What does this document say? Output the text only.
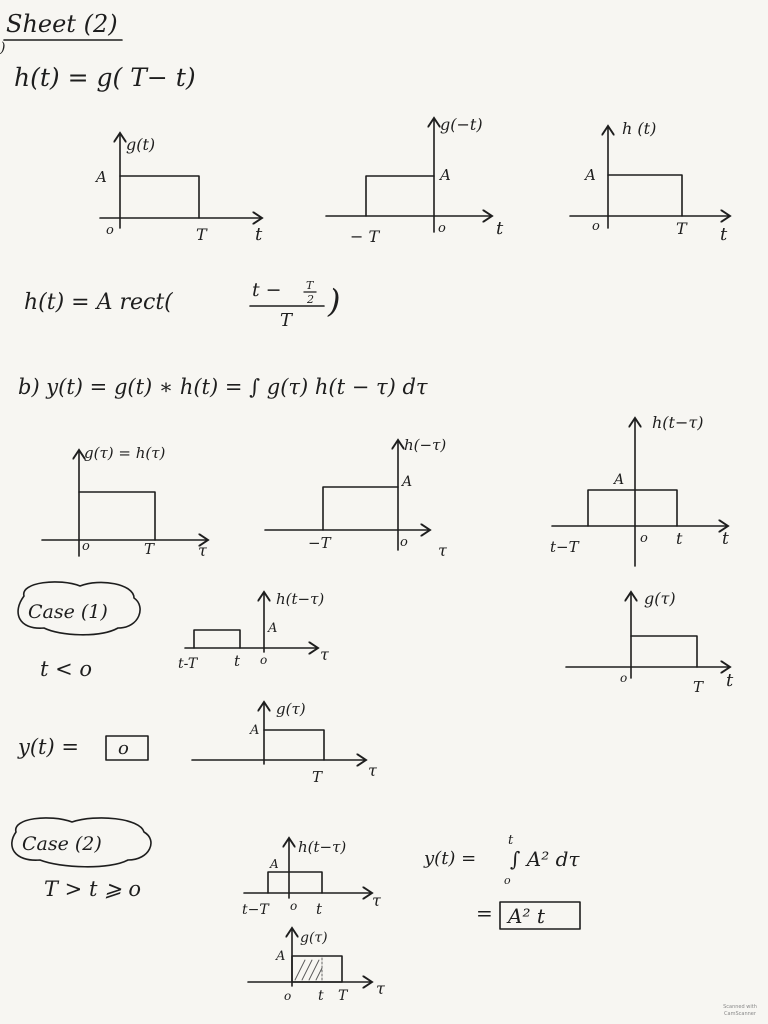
Sheet (2)
)
h(t) = g( T− t)
g(t)
A
o	T	t
g(−t)
A
o
− T	t
h (t)
A
o	T t
h(t) = A rect(	t − T
2
T
)
b) y(t) = g(t) ∗ h(t) = ∫ g(τ) h(t − τ) dτ
g(τ) = h(τ)
o	T	τ
h(−τ)
A
o
−T	τ
h(t−τ)
A
o
t−T	t t
Case (1)
t < o
h(t−τ)
A
t-T t o	τ
g(τ)
o	T t
g(τ)
A
T	τ
y(t) = o
Case (2)
T > t ⩾ o
h(t−τ)
A
t−T o t	τ
g(τ)
A
o t T τ
y(t) =
t
o
∫ A² dτ
= A² t
Scanned with
CamScanner
